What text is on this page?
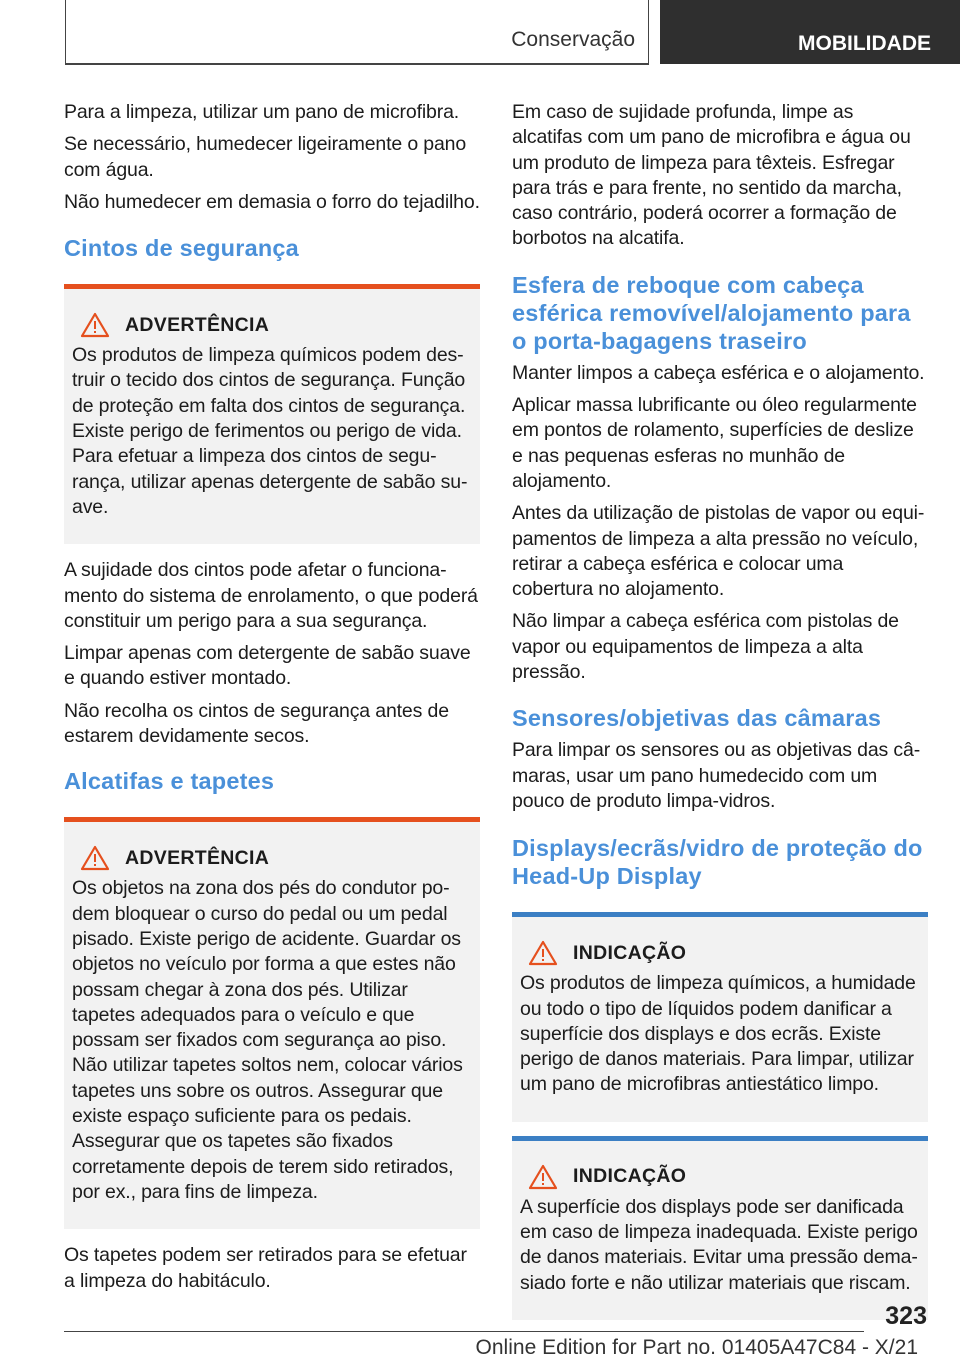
Conservação	MOBILIDADE

Para a limpeza, utilizar um pano de microfibra.

Se necessário, humedecer ligeiramente o pano com água.

Não humedecer em demasia o forro do tejadilho.

Cintos de segurança
ADVERTÊNCIA

Os produtos de limpeza químicos podem destruir o tecido dos cintos de segurança. Função de proteção em falta dos cintos de segurança. Existe perigo de ferimentos ou perigo de vida. Para efetuar a limpeza dos cintos de segurança, utilizar apenas detergente de sabão suave.

A sujidade dos cintos pode afetar o funcionamento do sistema de enrolamento, o que poderá constituir um perigo para a sua segurança.

Limpar apenas com detergente de sabão suave e quando estiver montado.

Não recolha os cintos de segurança antes de estarem devidamente secos.

Alcatifas e tapetes
ADVERTÊNCIA

Os objetos na zona dos pés do condutor podem bloquear o curso do pedal ou um pedal pisado. Existe perigo de acidente. Guardar os objetos no veículo por forma a que estes não possam chegar à zona dos pés. Utilizar tapetes adequados para o veículo e que possam ser fixados com segurança ao piso. Não utilizar tapetes soltos nem, colocar vários tapetes uns sobre os outros. Assegurar que existe espaço suficiente para os pedais. Assegurar que os tapetes são fixados corretamente depois de terem sido retirados, por ex., para fins de limpeza.

Os tapetes podem ser retirados para se efetuar a limpeza do habitáculo.

Em caso de sujidade profunda, limpe as alcatifas com um pano de microfibra e água ou um produto de limpeza para têxteis. Esfregar para trás e para frente, no sentido da marcha, caso contrário, poderá ocorrer a formação de borbotos na alcatifa.

Esfera de reboque com cabeça esférica removível/alojamento para o porta-bagagens traseiro

Manter limpos a cabeça esférica e o alojamento.

Aplicar massa lubrificante ou óleo regularmente em pontos de rolamento, superfícies de deslize e nas pequenas esferas no munhão de alojamento.

Antes da utilização de pistolas de vapor ou equipamentos de limpeza a alta pressão no veículo, retirar a cabeça esférica e colocar uma cobertura no alojamento.

Não limpar a cabeça esférica com pistolas de vapor ou equipamentos de limpeza a alta pressão.

Sensores/objetivas das câmaras

Para limpar os sensores ou as objetivas das câmaras, usar um pano humedecido com um pouco de produto limpa-vidros.

Displays/ecrãs/vidro de proteção do Head-Up Display
INDICAÇÃO

Os produtos de limpeza químicos, a humidade ou todo o tipo de líquidos podem danificar a superfície dos displays e dos ecrãs. Existe perigo de danos materiais. Para limpar, utilizar um pano de microfibras antiestático limpo.

INDICAÇÃO

A superfície dos displays pode ser danificada em caso de limpeza inadequada. Existe perigo de danos materiais. Evitar uma pressão demasiado forte e não utilizar materiais que riscam.

323
Online Edition for Part no. 01405A47C84 - X/21
